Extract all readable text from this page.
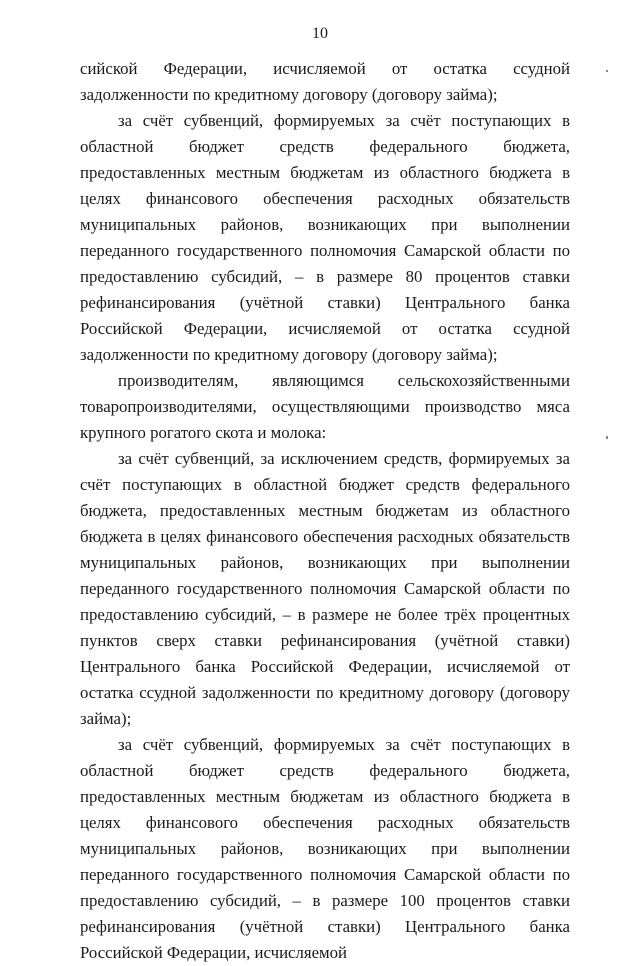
10

сийской Федерации, исчисляемой от остатка ссудной задолженности по кредитному договору (договору займа);

за счёт субвенций, формируемых за счёт поступающих в областной бюджет средств федерального бюджета, предоставленных местным бюджетам из областного бюджета в целях финансового обеспечения расходных обязательств муниципальных районов, возникающих при выполнении переданного государственного полномочия Самарской области по предоставлению субсидий, – в размере 80 процентов ставки рефинансирования (учётной ставки) Центрального банка Российской Федерации, исчисляемой от остатка ссудной задолженности по кредитному договору (договору займа);

производителям, являющимся сельскохозяйственными товаропроизводителями, осуществляющими производство мяса крупного рогатого скота и молока:

за счёт субвенций, за исключением средств, формируемых за счёт поступающих в областной бюджет средств федерального бюджета, предоставленных местным бюджетам из областного бюджета в целях финансового обеспечения расходных обязательств муниципальных районов, возникающих при выполнении переданного государственного полномочия Самарской области по предоставлению субсидий, – в размере не более трёх процентных пунктов сверх ставки рефинансирования (учётной ставки) Центрального банка Российской Федерации, исчисляемой от остатка ссудной задолженности по кредитному договору (договору займа);

за счёт субвенций, формируемых за счёт поступающих в областной бюджет средств федерального бюджета, предоставленных местным бюджетам из областного бюджета в целях финансового обеспечения расходных обязательств муниципальных районов, возникающих при выполнении переданного государственного полномочия Самарской области по предоставлению субсидий, – в размере 100 процентов ставки рефинансирования (учётной ставки) Центрального банка Российской Федерации, исчисляемой
